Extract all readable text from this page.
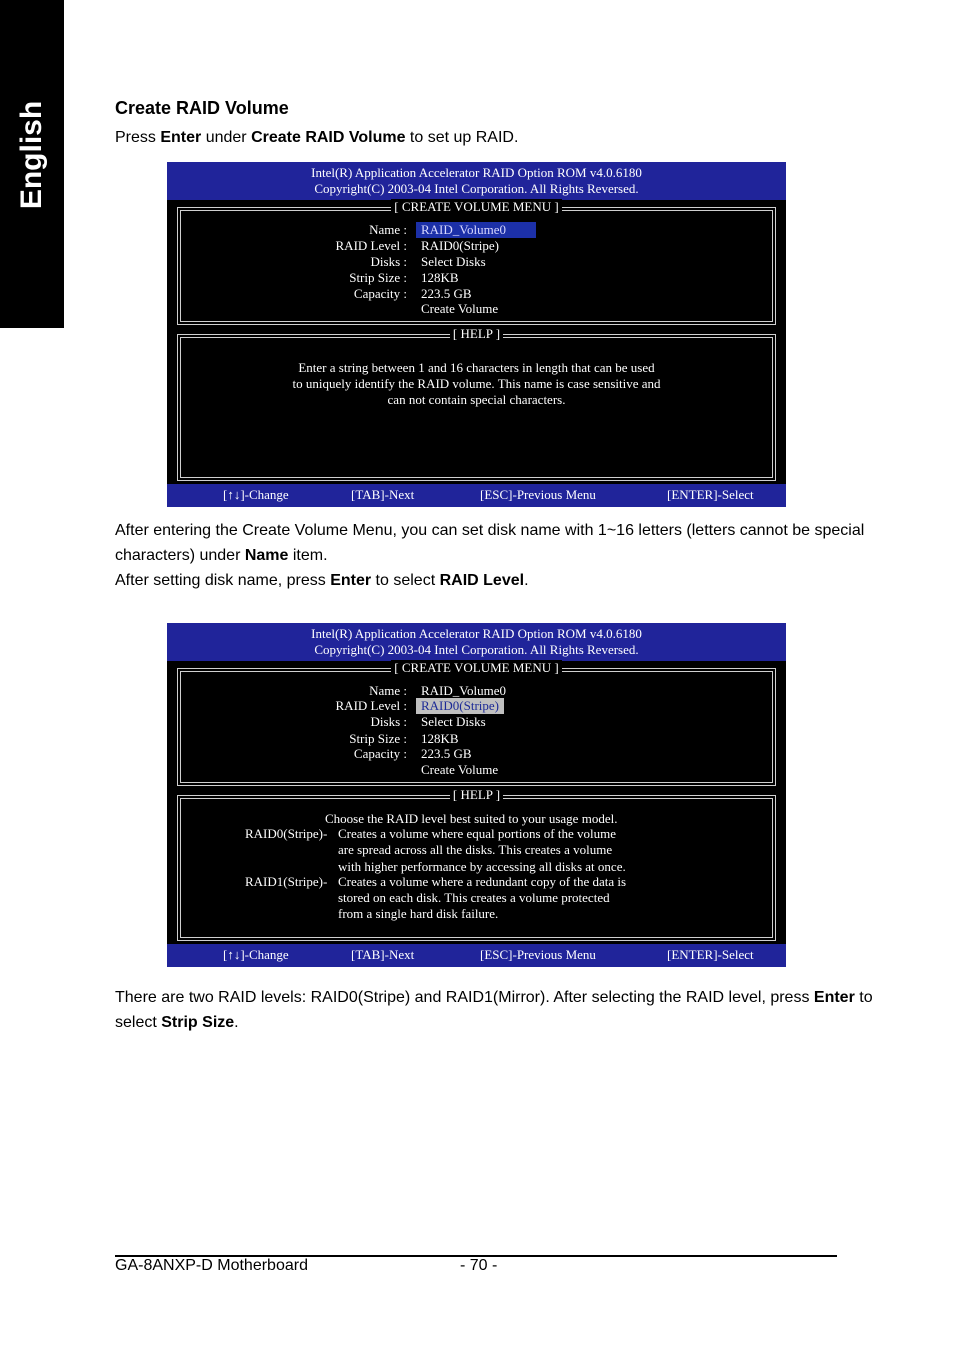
English	Create RAID Volume
Press Enter under Create RAID Volume to set up RAID.
Intel(R) Application Accelerator RAID Option ROM v4.0.6180
Copyright(C) 2003-04 Intel Corporation. All Rights Reversed.
[ CREATE VOLUME MENU ]
Name :	RAID_Volume0
RAID Level : RAID0(Stripe)
Disks : Select Disks
Strip Size : 128KB
Capacity : 223.5 GB
Create Volume
[ HELP ]
Enter a string between 1 and 16 characters in length that can be used
to uniquely identify the RAID volume. This name is case sensitive and
can not contain special characters.
[↑↓]-Change	[TAB]-Next	[ESC]-Previous Menu	[ENTER]-Select
After entering the Create Volume Menu, you can set disk name with 1~16 letters (letters cannot be special
characters) under Name item.
After setting disk name, press Enter to select RAID Level.
Intel(R) Application Accelerator RAID Option ROM v4.0.6180
Copyright(C) 2003-04 Intel Corporation. All Rights Reversed.
[ CREATE VOLUME MENU ]
Name : RAID_Volume0
RAID Level :	RAID0(Stripe)
Disks : Select Disks
Strip Size : 128KB
Capacity : 223.5 GB
Create Volume
[ HELP ]
Choose the RAID level best suited to your usage model.
RAID0(Stripe)- Creates a volume where equal portions of the volume
are spread across all the disks. This creates a volume
with higher performance by accessing all disks at once.
RAID1(Stripe)- Creates a volume where a redundant copy of the data is
stored on each disk. This creates a volume protected
from a single hard disk failure.
[↑↓]-Change	[TAB]-Next	[ESC]-Previous Menu	[ENTER]-Select
There are two RAID levels: RAID0(Stripe) and RAID1(Mirror). After selecting the RAID level, press Enter to
select Strip Size.
GA-8ANXP-D Motherboard	- 70 -
